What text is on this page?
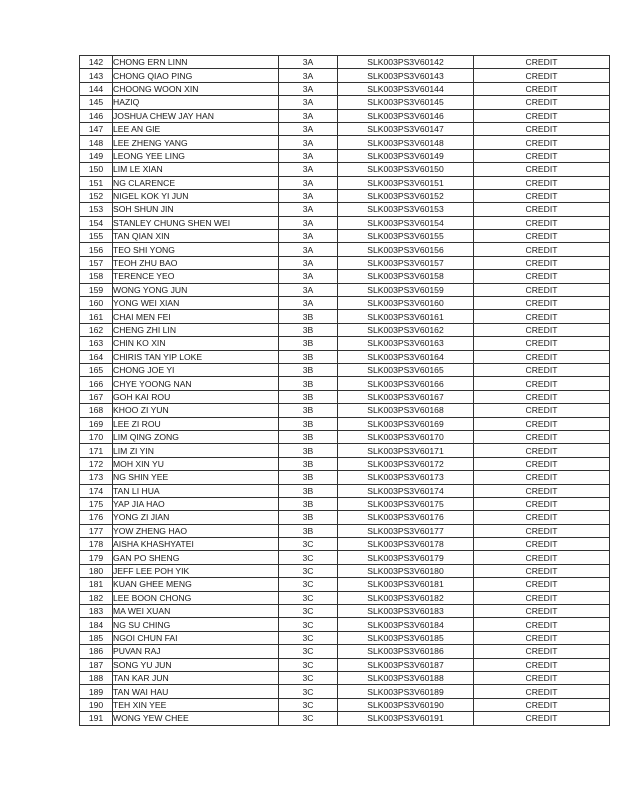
142	CHONG ERN LINN	3A	SLK003PS3V60142	CREDIT
143	CHONG QIAO PING	3A	SLK003PS3V60143	CREDIT
144	CHOONG WOON XIN	3A	SLK003PS3V60144	CREDIT
145	HAZIQ	3A	SLK003PS3V60145	CREDIT
146	JOSHUA CHEW JAY HAN	3A	SLK003PS3V60146	CREDIT
147	LEE AN GIE	3A	SLK003PS3V60147	CREDIT
148	LEE ZHENG YANG	3A	SLK003PS3V60148	CREDIT
149	LEONG YEE LING	3A	SLK003PS3V60149	CREDIT
150	LIM LE XIAN	3A	SLK003PS3V60150	CREDIT
151	NG CLARENCE	3A	SLK003PS3V60151	CREDIT
152	NIGEL KOK YI JUN	3A	SLK003PS3V60152	CREDIT
153	SOH SHUN JIN	3A	SLK003PS3V60153	CREDIT
154	STANLEY CHUNG SHEN WEI	3A	SLK003PS3V60154	CREDIT
155	TAN QIAN XIN	3A	SLK003PS3V60155	CREDIT
156	TEO SHI YONG	3A	SLK003PS3V60156	CREDIT
157	TEOH ZHU BAO	3A	SLK003PS3V60157	CREDIT
158	TERENCE YEO	3A	SLK003PS3V60158	CREDIT
159	WONG YONG JUN	3A	SLK003PS3V60159	CREDIT
160	YONG WEI XIAN	3A	SLK003PS3V60160	CREDIT
161	CHAI MEN FEI	3B	SLK003PS3V60161	CREDIT
162	CHENG ZHI LIN	3B	SLK003PS3V60162	CREDIT
163	CHIN KO XIN	3B	SLK003PS3V60163	CREDIT
164	CHIRIS TAN YIP LOKE	3B	SLK003PS3V60164	CREDIT
165	CHONG JOE YI	3B	SLK003PS3V60165	CREDIT
166	CHYE YOONG NAN	3B	SLK003PS3V60166	CREDIT
167	GOH KAI ROU	3B	SLK003PS3V60167	CREDIT
168	KHOO ZI YUN	3B	SLK003PS3V60168	CREDIT
169	LEE ZI ROU	3B	SLK003PS3V60169	CREDIT
170	LIM QING ZONG	3B	SLK003PS3V60170	CREDIT
171	LIM ZI YIN	3B	SLK003PS3V60171	CREDIT
172	MOH XIN YU	3B	SLK003PS3V60172	CREDIT
173	NG SHIN YEE	3B	SLK003PS3V60173	CREDIT
174	TAN LI HUA	3B	SLK003PS3V60174	CREDIT
175	YAP JIA HAO	3B	SLK003PS3V60175	CREDIT
176	YONG ZI JIAN	3B	SLK003PS3V60176	CREDIT
177	YOW ZHENG HAO	3B	SLK003PS3V60177	CREDIT
178	AISHA KHASHYATEI	3C	SLK003PS3V60178	CREDIT
179	GAN PO SHENG	3C	SLK003PS3V60179	CREDIT
180	JEFF LEE POH YIK	3C	SLK003PS3V60180	CREDIT
181	KUAN GHEE MENG	3C	SLK003PS3V60181	CREDIT
182	LEE BOON CHONG	3C	SLK003PS3V60182	CREDIT
183	MA WEI XUAN	3C	SLK003PS3V60183	CREDIT
184	NG SU CHING	3C	SLK003PS3V60184	CREDIT
185	NGOI CHUN FAI	3C	SLK003PS3V60185	CREDIT
186	PUVAN RAJ	3C	SLK003PS3V60186	CREDIT
187	SONG YU JUN	3C	SLK003PS3V60187	CREDIT
188	TAN KAR JUN	3C	SLK003PS3V60188	CREDIT
189	TAN WAI HAU	3C	SLK003PS3V60189	CREDIT
190	TEH XIN YEE	3C	SLK003PS3V60190	CREDIT
191	WONG YEW CHEE	3C	SLK003PS3V60191	CREDIT
